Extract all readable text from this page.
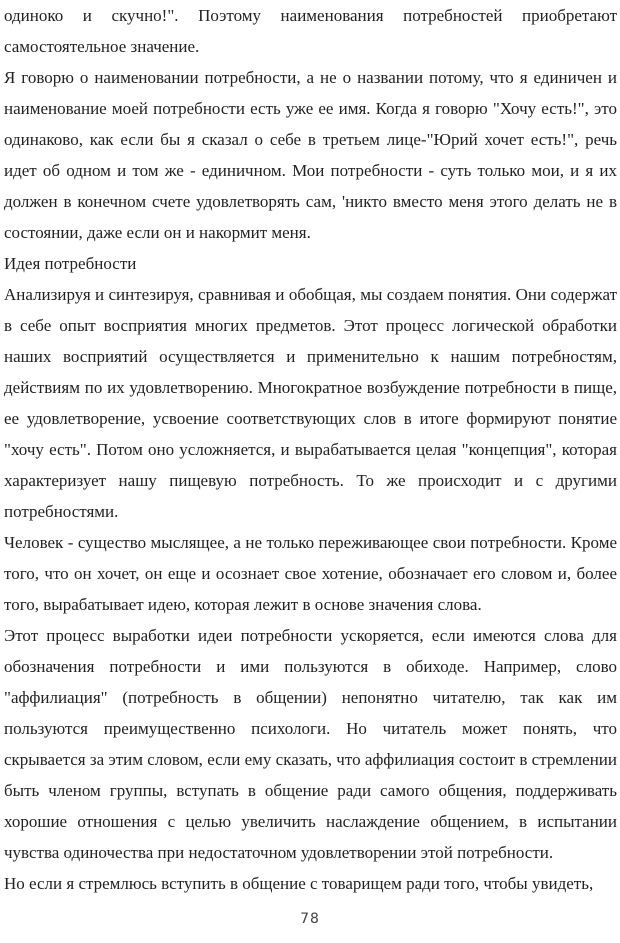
одиноко и скучно!". Поэтому наименования потребностей приобретают самостоятельное значение.

Я говорю о наименовании потребности, а не о названии потому, что я единичен и наименование моей потребности есть уже ее имя. Когда я говорю "Хочу есть!", это одинаково, как если бы я сказал о себе в третьем лице-"Юрий хочет есть!", речь идет об одном и том же - единичном. Мои потребности - суть только мои, и я их должен в конечном счете удовлетворять сам, 'никто вместо меня этого делать не в состоянии, даже если он и накормит меня.

Идея потребности

Анализируя и синтезируя, сравнивая и обобщая, мы создаем понятия. Они содержат в себе опыт восприятия многих предметов. Этот процесс логической обработки наших восприятий осуществляется и применительно к нашим потребностям, действиям по их удовлетворению. Многократное возбуждение потребности в пище, ее удовлетворение, усвоение соответствующих слов в итоге формируют понятие "хочу есть". Потом оно усложняется, и вырабатывается целая "концепция", которая характеризует нашу пищевую потребность. То же происходит и с другими потребностями.

Человек - существо мыслящее, а не только переживающее свои потребности. Кроме того, что он хочет, он еще и осознает свое хотение, обозначает его словом и, более того, вырабатывает идею, которая лежит в основе значения слова.

Этот процесс выработки идеи потребности ускоряется, если имеются слова для обозначения потребности и ими пользуются в обиходе. Например, слово "аффилиация" (потребность в общении) непонятно читателю, так как им пользуются преимущественно психологи. Но читатель может понять, что скрывается за этим словом, если ему сказать, что аффилиация состоит в стремлении быть членом группы, вступать в общение ради самого общения, поддерживать хорошие отношения с целью увеличить наслаждение общением, в испытании чувства одиночества при недостаточном удовлетворении этой потребности.

Но если я стремлюсь вступить в общение с товарищем ради того, чтобы увидеть,

78
